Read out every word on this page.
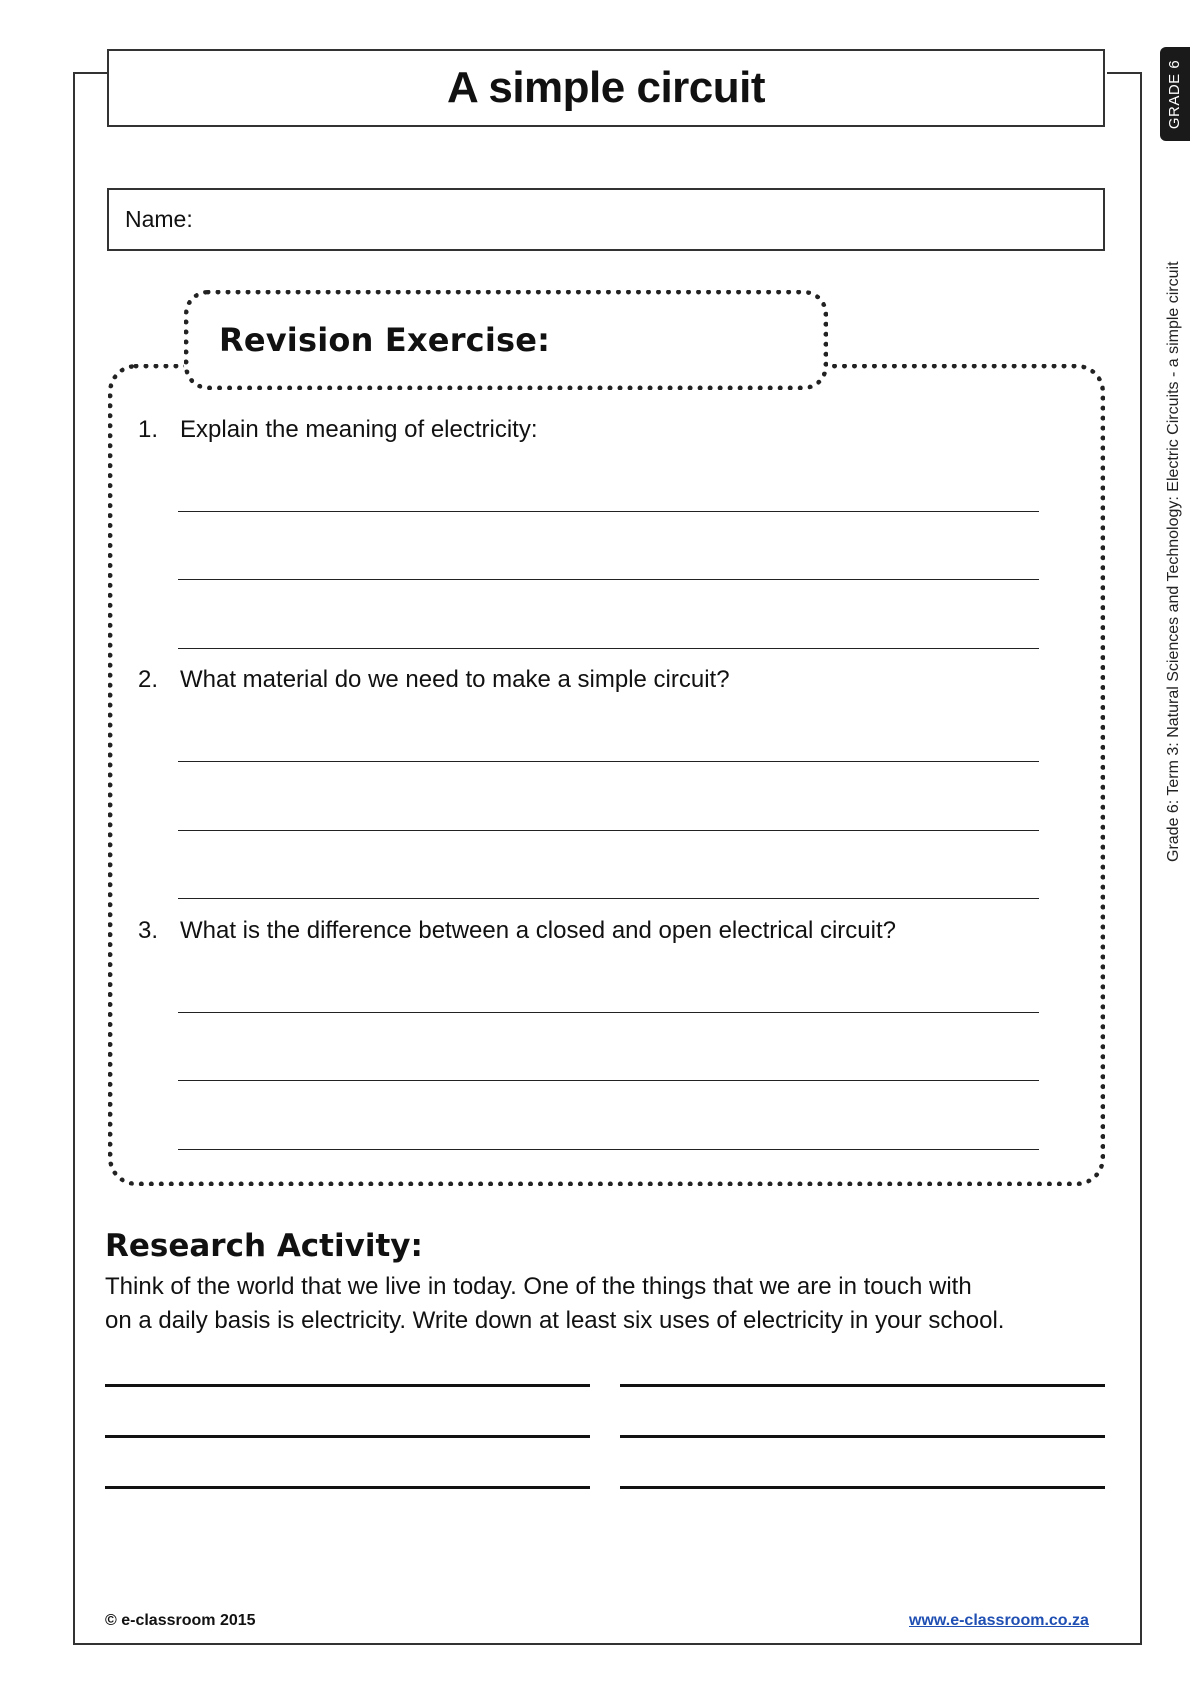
A simple circuit
Name:
GRADE 6
Grade 6: Term 3: Natural Sciences and Technology: Electric Circuits - a simple circuit
Revision Exercise:
1. Explain the meaning of electricity:
2. What material do we need to make a simple circuit?
3. What is the difference between a closed and open electrical circuit?
Research Activity:
Think of the world that we live in today. One of the things that we are in touch with
on a daily basis is electricity. Write down at least six uses of electricity in your school.
© e-classroom 2015	www.e-classroom.co.za
